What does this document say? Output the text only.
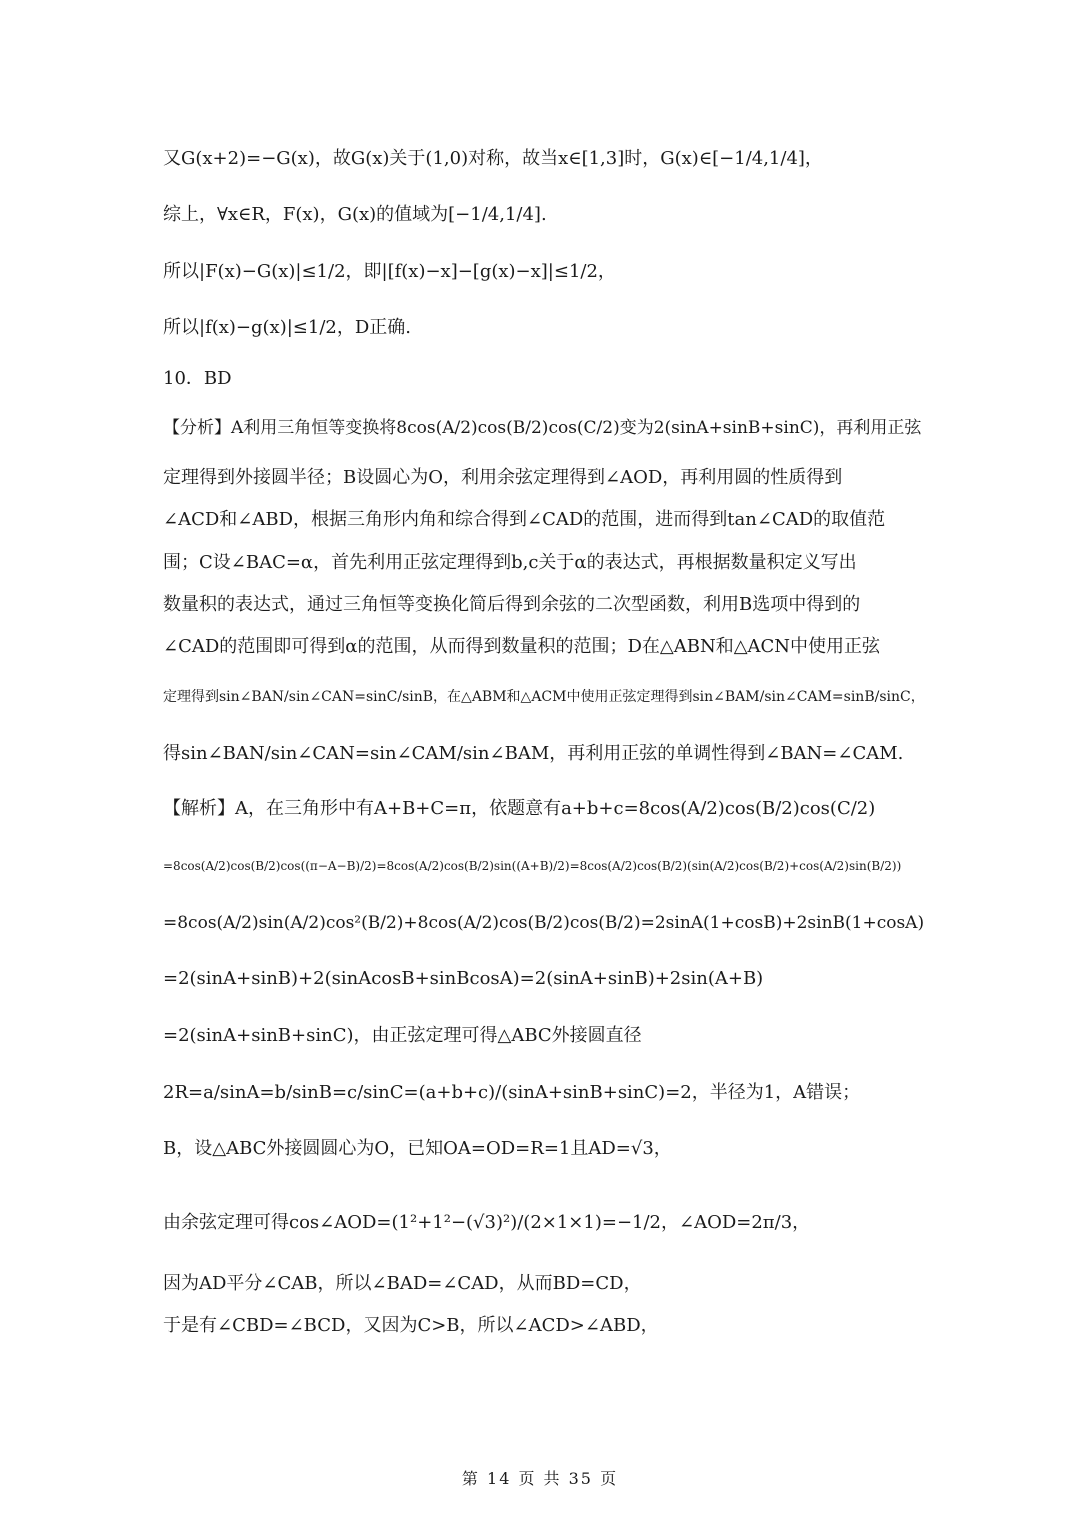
又G(x+2)=−G(x)，故G(x)关于(1,0)对称，故当x∈[1,3]时，G(x)∈[−1/4,1/4]，
综上，∀x∈R，F(x)，G(x)的值域为[−1/4,1/4].
所以|F(x)−G(x)|≤1/2，即|[f(x)−x]−[g(x)−x]|≤1/2，
所以|f(x)−g(x)|≤1/2，D正确.
10．BD
【分析】A利用三角恒等变换将8cos(A/2)cos(B/2)cos(C/2)变为2(sinA+sinB+sinC)，再利用正弦
定理得到外接圆半径；B设圆心为O，利用余弦定理得到∠AOD，再利用圆的性质得到
∠ACD和∠ABD，根据三角形内角和综合得到∠CAD的范围，进而得到tan∠CAD的取值范
围；C设∠BAC=α，首先利用正弦定理得到b,c关于α的表达式，再根据数量积定义写出
数量积的表达式，通过三角恒等变换化简后得到余弦的二次型函数，利用B选项中得到的
∠CAD的范围即可得到α的范围，从而得到数量积的范围；D在△ABN和△ACN中使用正弦
定理得到sin∠BAN/sin∠CAN=sinC/sinB，在△ABM和△ACM中使用正弦定理得到sin∠BAM/sin∠CAM=sinB/sinC，
得sin∠BAN/sin∠CAN=sin∠CAM/sin∠BAM，再利用正弦的单调性得到∠BAN=∠CAM.
【解析】A，在三角形中有A+B+C=π，依题意有a+b+c=8cos(A/2)cos(B/2)cos(C/2)
=8cos(A/2)cos(B/2)cos((π−A−B)/2)=8cos(A/2)cos(B/2)sin((A+B)/2)=8cos(A/2)cos(B/2)(sin(A/2)cos(B/2)+cos(A/2)sin(B/2))
=8cos(A/2)sin(A/2)cos²(B/2)+8cos(A/2)cos(B/2)cos(B/2)=2sinA(1+cosB)+2sinB(1+cosA)
=2(sinA+sinB)+2(sinAcosB+sinBcosA)=2(sinA+sinB)+2sin(A+B)
=2(sinA+sinB+sinC)，由正弦定理可得△ABC外接圆直径
2R=a/sinA=b/sinB=c/sinC=(a+b+c)/(sinA+sinB+sinC)=2，半径为1，A错误；
B，设△ABC外接圆圆心为O，已知OA=OD=R=1且AD=√3，
由余弦定理可得cos∠AOD=(1²+1²−(√3)²)/(2×1×1)=−1/2，∠AOD=2π/3，
因为AD平分∠CAB，所以∠BAD=∠CAD，从而BD=CD，
于是有∠CBD=∠BCD，又因为C>B，所以∠ACD>∠ABD，
第 14 页 共 35 页
